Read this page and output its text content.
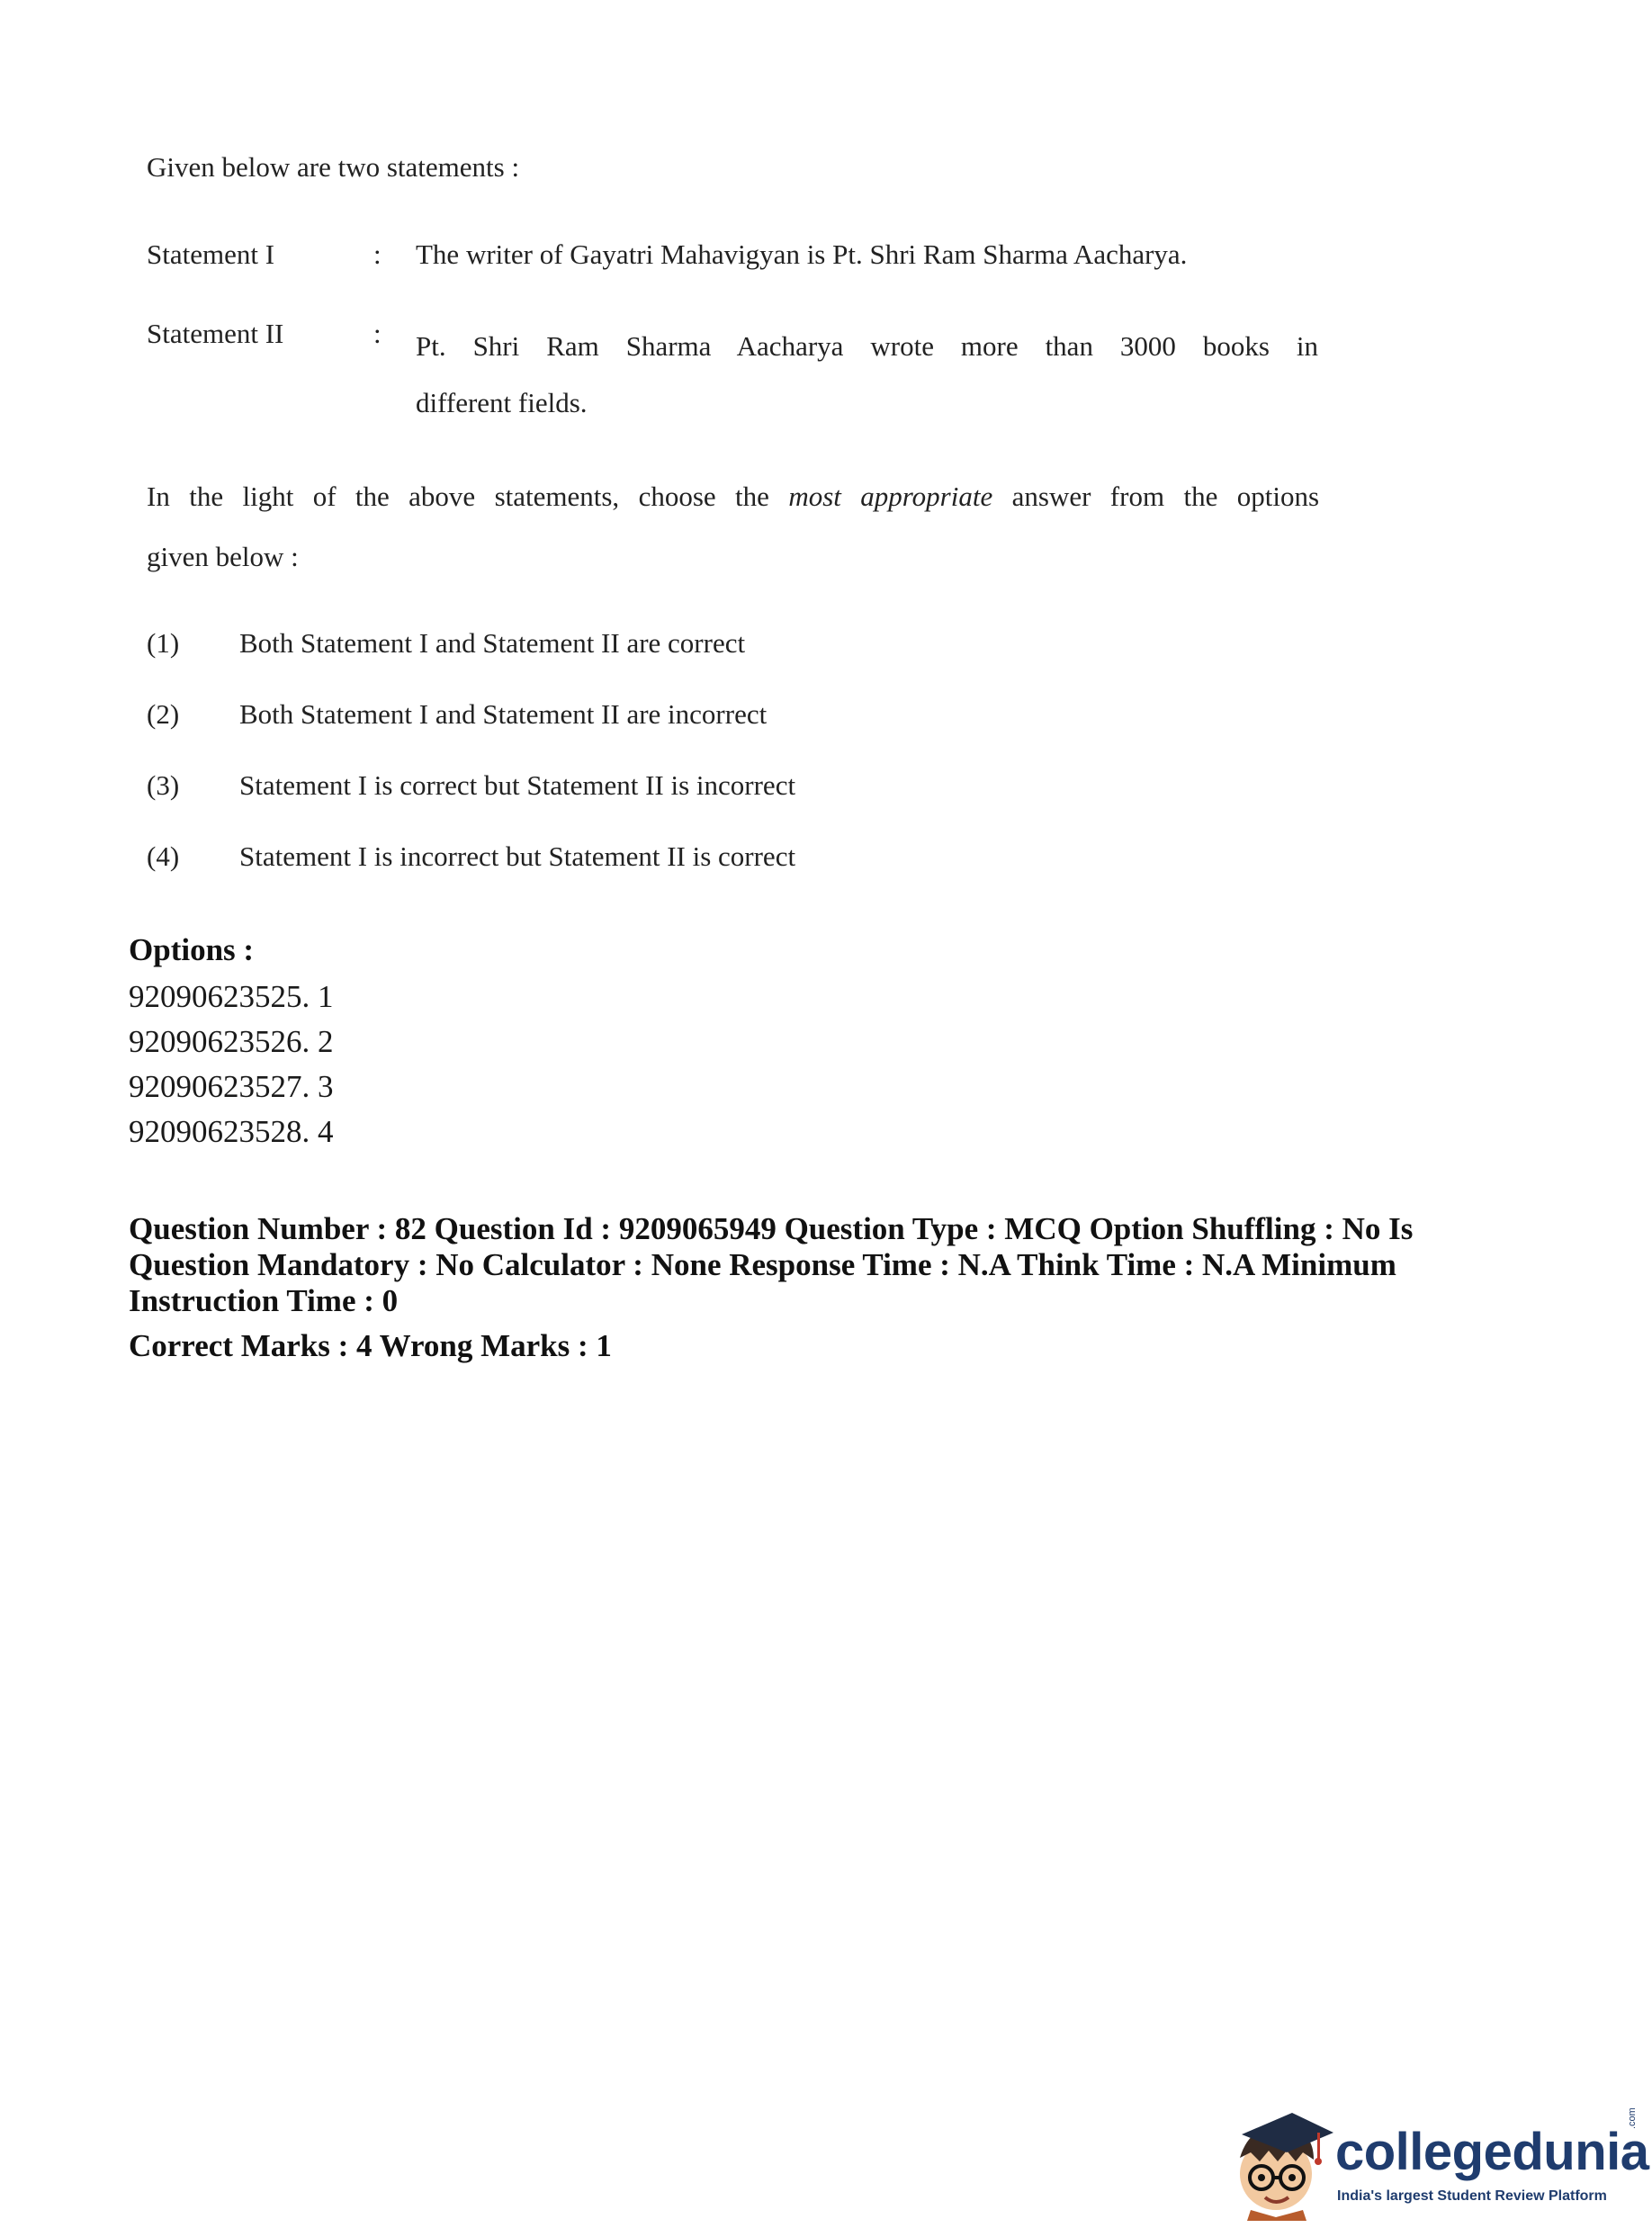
Given below are two statements :
Statement I	: The writer of Gayatri Mahavigyan is Pt. Shri Ram Sharma Aacharya.
Statement II	: Pt. Shri Ram Sharma Aacharya wrote more than 3000 books in
different fields.
In the light of the above statements, choose the most appropriate answer from the options
given below :
(1) Both Statement I and Statement II are correct
(2) Both Statement I and Statement II are incorrect
(3) Statement I is correct but Statement II is incorrect
(4) Statement I is incorrect but Statement II is correct
Options :
92090623525. 1
92090623526. 2
92090623527. 3
92090623528. 4
Question Number : 82 Question Id : 9209065949 Question Type : MCQ Option Shuffling : No Is Question Mandatory : No Calculator : None Response Time : N.A Think Time : N.A Minimum Instruction Time : 0
Correct Marks : 4 Wrong Marks : 1
collegedunia
.com
India's largest Student Review Platform
